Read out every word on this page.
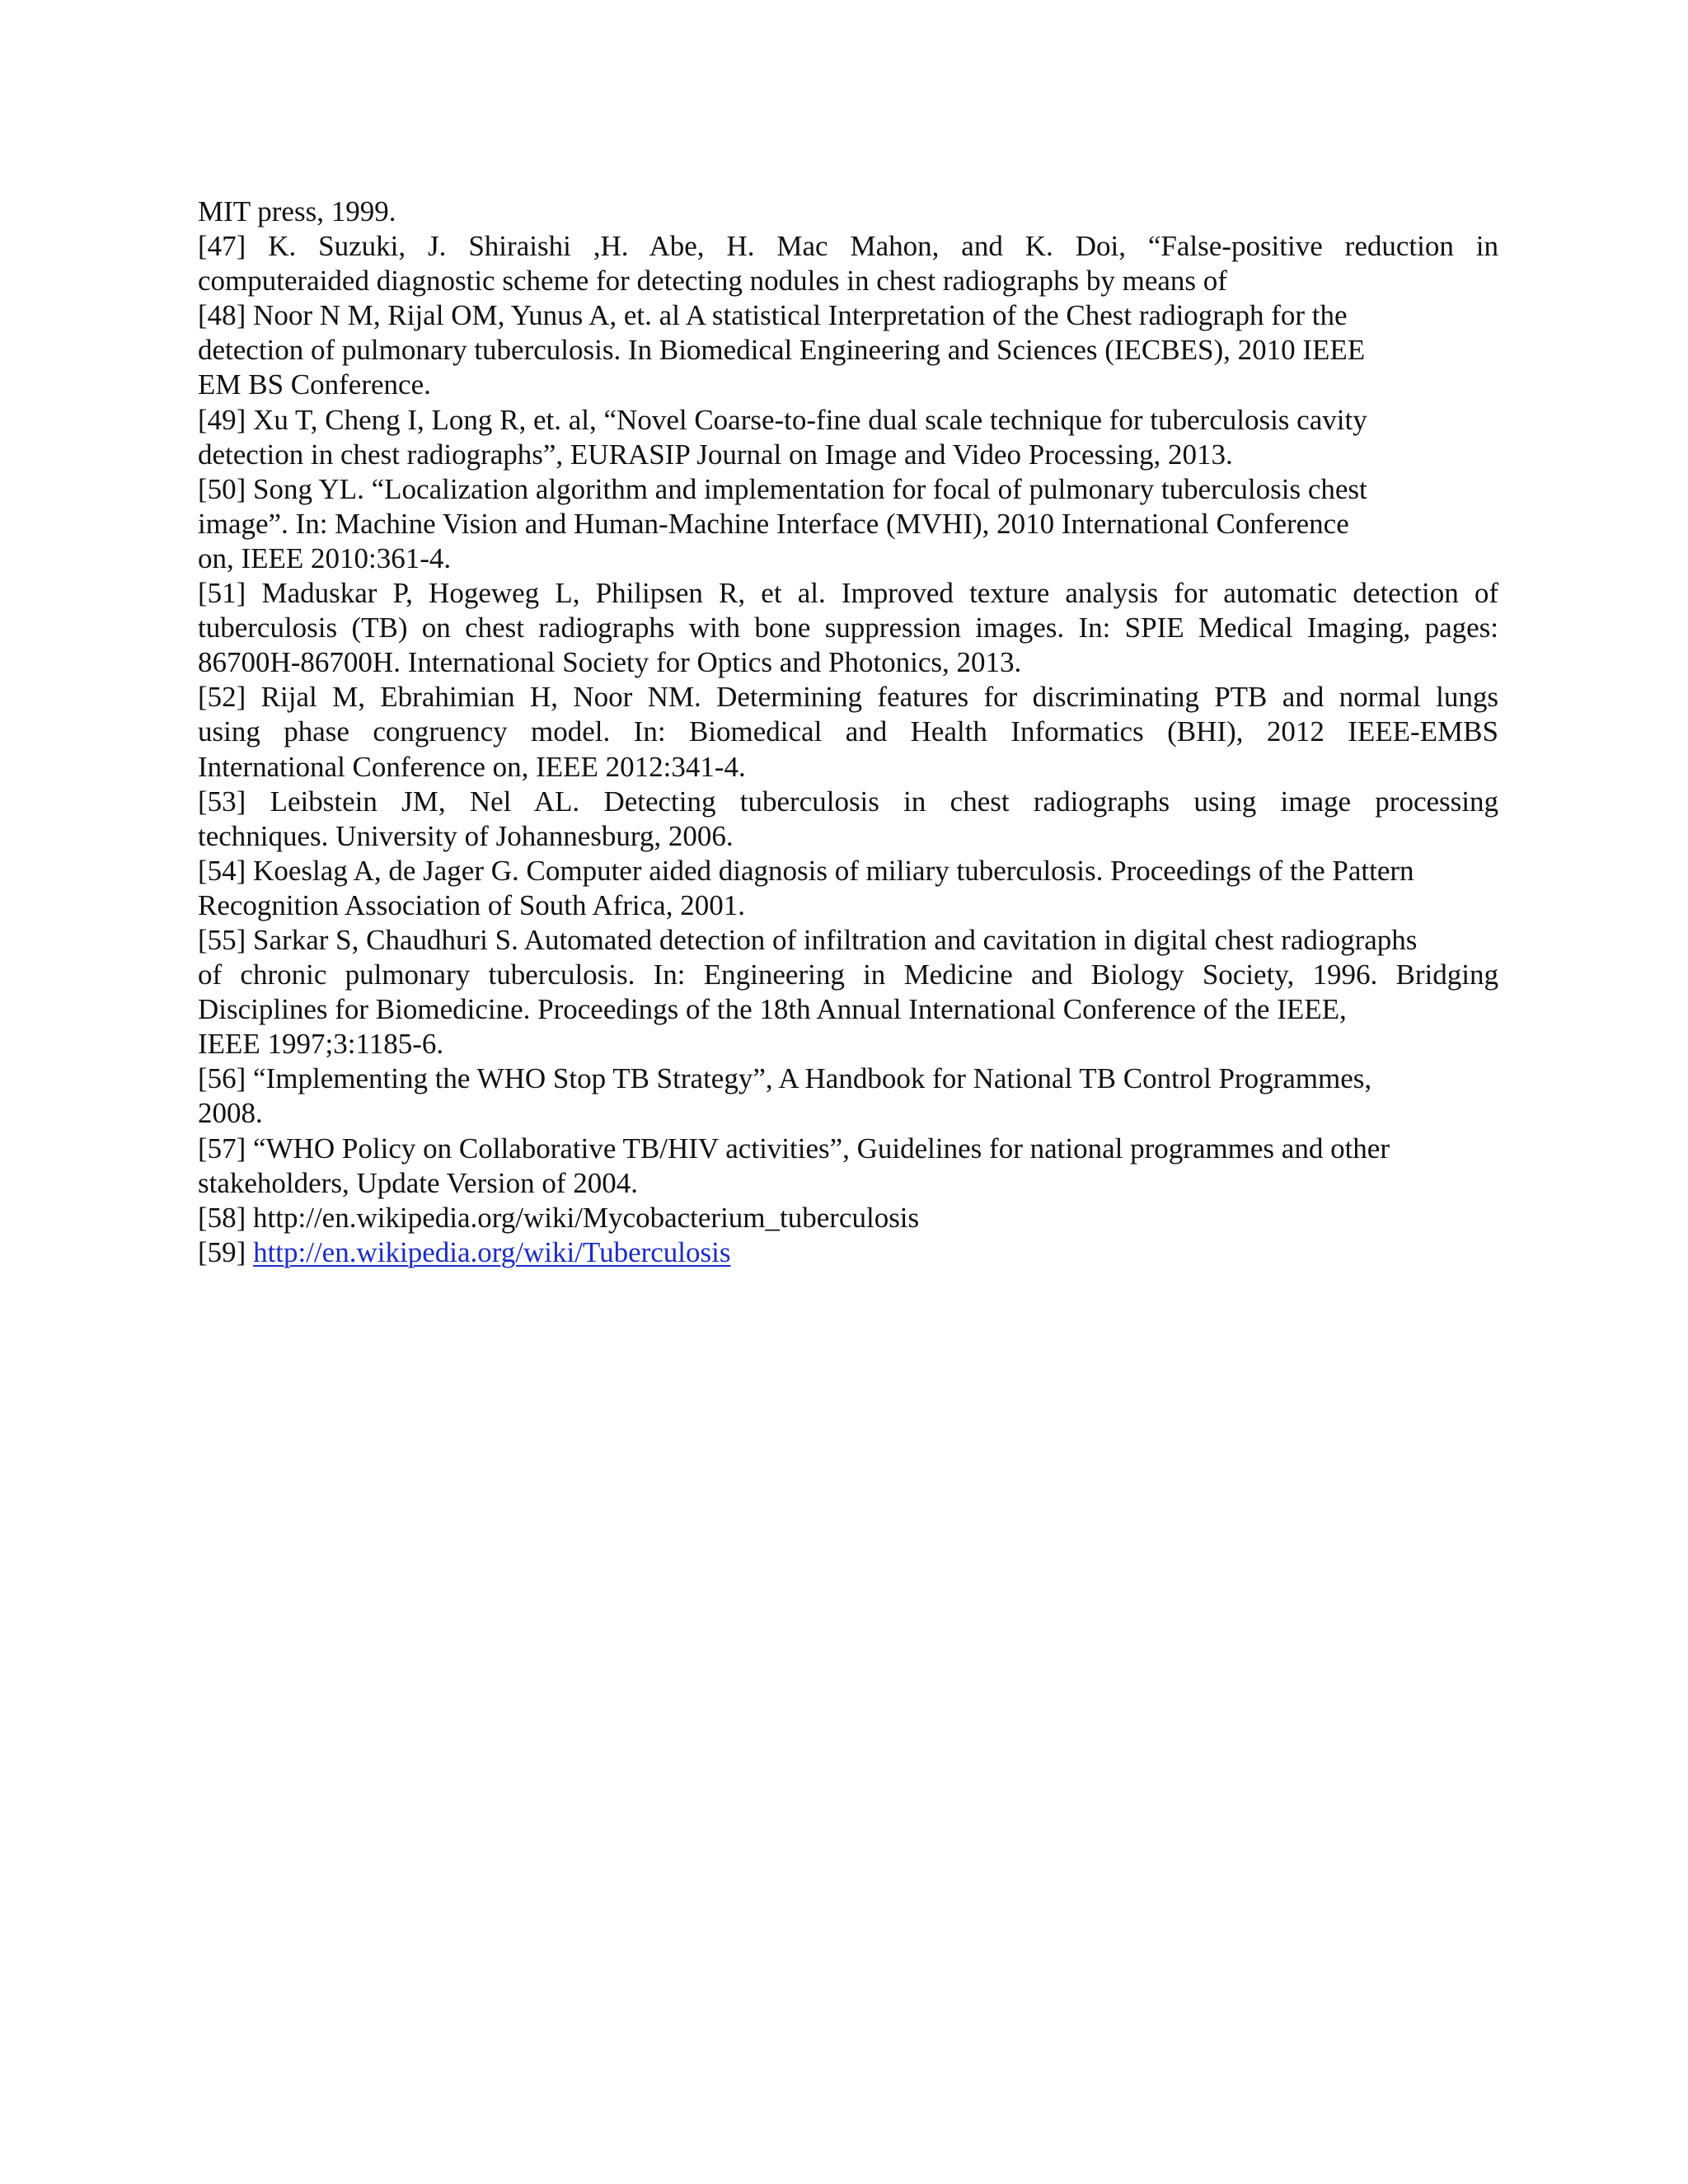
MIT press, 1999.
[47] K. Suzuki, J. Shiraishi ,H. Abe, H. Mac Mahon, and K. Doi, “False-positive reduction in
computeraided diagnostic scheme for detecting nodules in chest radiographs by means of
[48] Noor N M, Rijal OM, Yunus A, et. al A statistical Interpretation of the Chest radiograph for the
detection of pulmonary tuberculosis. In Biomedical Engineering and Sciences (IECBES), 2010 IEEE
EM BS Conference.
[49] Xu T, Cheng I, Long R, et. al, “Novel Coarse-to-fine dual scale technique for tuberculosis cavity
detection in chest radiographs”, EURASIP Journal on Image and Video Processing, 2013.
[50] Song YL. “Localization algorithm and implementation for focal of pulmonary tuberculosis chest
image”. In: Machine Vision and Human-Machine Interface (MVHI), 2010 International Conference
on, IEEE 2010:361-4.
[51] Maduskar P, Hogeweg L, Philipsen R, et al. Improved texture analysis for automatic detection of
tuberculosis (TB) on chest radiographs with bone suppression images. In: SPIE Medical Imaging, pages:
86700H-86700H. International Society for Optics and Photonics, 2013.
[52] Rijal M, Ebrahimian H, Noor NM. Determining features for discriminating PTB and normal lungs
using phase congruency model. In: Biomedical and Health Informatics (BHI), 2012 IEEE-EMBS
International Conference on, IEEE 2012:341-4.
[53] Leibstein JM, Nel AL. Detecting tuberculosis in chest radiographs using image processing
techniques. University of Johannesburg, 2006.
[54] Koeslag A, de Jager G. Computer aided diagnosis of miliary tuberculosis. Proceedings of the Pattern
Recognition Association of South Africa, 2001.
[55] Sarkar S, Chaudhuri S. Automated detection of infiltration and cavitation in digital chest radiographs
of chronic pulmonary tuberculosis. In: Engineering in Medicine and Biology Society, 1996. Bridging
Disciplines for Biomedicine. Proceedings of the 18th Annual International Conference of the IEEE,
IEEE 1997;3:1185-6.
[56] “Implementing the WHO Stop TB Strategy”, A Handbook for National TB Control Programmes,
2008.
[57] “WHO Policy on Collaborative TB/HIV activities”, Guidelines for national programmes and other
stakeholders, Update Version of 2004.
[58] http://en.wikipedia.org/wiki/Mycobacterium_tuberculosis
[59] http://en.wikipedia.org/wiki/Tuberculosis
